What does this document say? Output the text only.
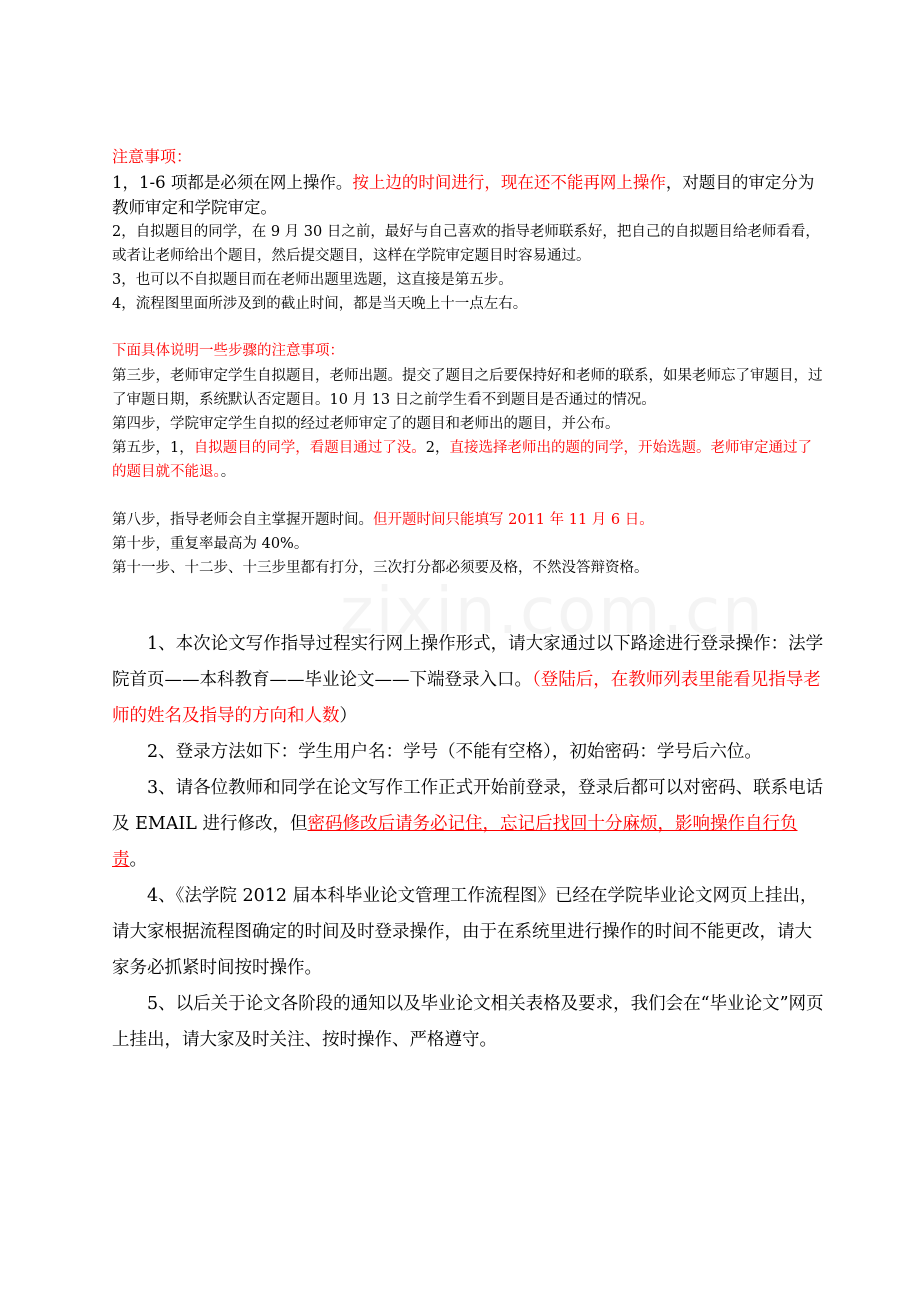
注意事项：

1，1-6 项都是必须在网上操作。按上边的时间进行，现在还不能再网上操作，对题目的审定分为教师审定和学院审定。

2，自拟题目的同学，在 9 月 30 日之前，最好与自己喜欢的指导老师联系好，把自己的自拟题目给老师看看，或者让老师给出个题目，然后提交题目，这样在学院审定题目时容易通过。

3，也可以不自拟题目而在老师出题里选题，这直接是第五步。

4，流程图里面所涉及到的截止时间，都是当天晚上十一点左右。

下面具体说明一些步骤的注意事项：

第三步，老师审定学生自拟题目，老师出题。提交了题目之后要保持好和老师的联系，如果老师忘了审题目，过了审题日期，系统默认否定题目。10 月 13 日之前学生看不到题目是否通过的情况。

第四步，学院审定学生自拟的经过老师审定了的题目和老师出的题目，并公布。

第五步，1，自拟题目的同学，看题目通过了没。2，直接选择老师出的题的同学，开始选题。老师审定通过了的题目就不能退。。

第八步，指导老师会自主掌握开题时间。但开题时间只能填写 2011 年 11 月 6 日。

第十步，重复率最高为 40%。

第十一步、十二步、十三步里都有打分，三次打分都必须要及格，不然没答辩资格。

1、本次论文写作指导过程实行网上操作形式，请大家通过以下路途进行登录操作：法学院首页——本科教育——毕业论文——下端登录入口。（登陆后，在教师列表里能看见指导老师的姓名及指导的方向和人数）

2、登录方法如下：学生用户名：学号（不能有空格），初始密码：学号后六位。

3、请各位教师和同学在论文写作工作正式开始前登录，登录后都可以对密码、联系电话及 EMAIL 进行修改，但密码修改后请务必记住，忘记后找回十分麻烦，影响操作自行负责。

4、《法学院 2012 届本科毕业论文管理工作流程图》已经在学院毕业论文网页上挂出，请大家根据流程图确定的时间及时登录操作，由于在系统里进行操作的时间不能更改，请大家务必抓紧时间按时操作。

5、以后关于论文各阶段的通知以及毕业论文相关表格及要求，我们会在“毕业论文”网页上挂出，请大家及时关注、按时操作、严格遵守。
